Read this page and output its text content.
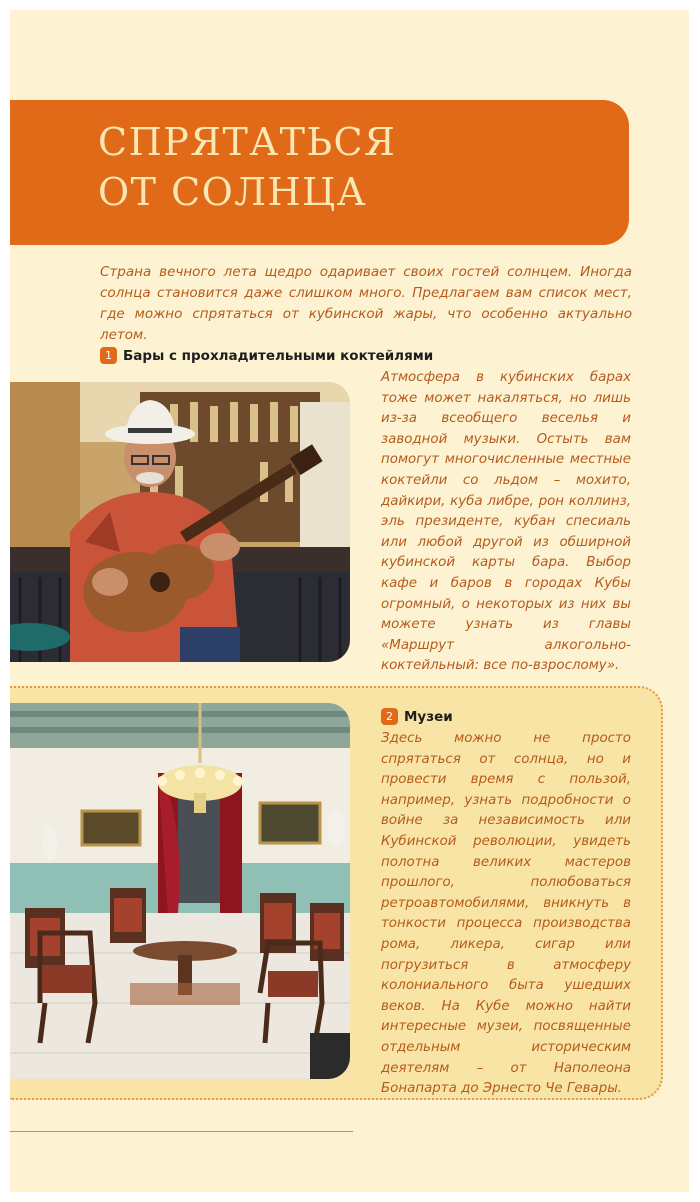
СПРЯТАТЬСЯ
ОТ СОЛНЦА
Страна вечного лета щедро одаривает своих гостей солнцем. Иногда солнца становится даже слишком много. Предлагаем вам список мест, где можно спрятаться от кубинской жары, что особенно актуально летом.
1 Бары с прохладительными коктейлями
Атмосфера в кубинских барах тоже может накаляться, но лишь из-за всеобщего веселья и заводной музыки. Остыть вам помогут многочисленные местные коктейли со льдом – мохито, дайкири, куба либре, рон коллинз, эль президенте, кубан спесиаль или любой другой из обширной кубинской карты бара. Выбор кафе и баров в городах Кубы огромный, о некоторых из них вы можете узнать из главы «Маршрут алкогольно-коктейльный: все по-взрослому».
2 Музеи
Здесь можно не просто спрятаться от солнца, но и провести время с пользой, например, узнать подробности о войне за независимость или Кубинской революции, увидеть полотна великих мастеров прошлого, полюбоваться ретроавтомобилями, вникнуть в тонкости процесса производства рома, ликера, сигар или погрузиться в атмосферу колониального быта ушедших веков. На Кубе можно найти интересные музеи, посвященные отдельным историческим деятелям – от Наполеона Бонапарта до Эрнесто Че Гевары.
